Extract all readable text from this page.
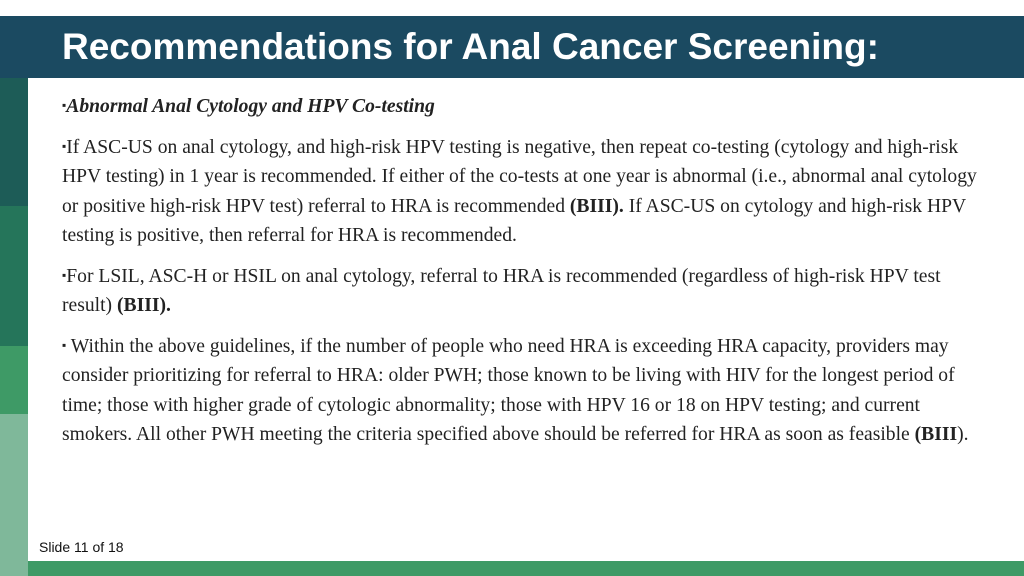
Recommendations for Anal Cancer Screening:

▪Abnormal Anal Cytology and HPV Co-testing

▪If ASC-US on anal cytology, and high-risk HPV testing is negative, then repeat co-testing (cytology and high-risk HPV testing) in 1 year is recommended. If either of the co-tests at one year is abnormal (i.e., abnormal anal cytology or positive high-risk HPV test) referral to HRA is recommended (BIII). If ASC-US on cytology and high-risk HPV testing is positive, then referral for HRA is recommended.

▪For LSIL, ASC-H or HSIL on anal cytology, referral to HRA is recommended (regardless of high-risk HPV test result) (BIII).

▪ Within the above guidelines, if the number of people who need HRA is exceeding HRA capacity, providers may consider prioritizing for referral to HRA: older PWH; those known to be living with HIV for the longest period of time; those with higher grade of cytologic abnormality; those with HPV 16 or 18 on HPV testing; and current smokers. All other PWH meeting the criteria specified above should be referred for HRA as soon as feasible (BIII).

Slide 11 of 18
